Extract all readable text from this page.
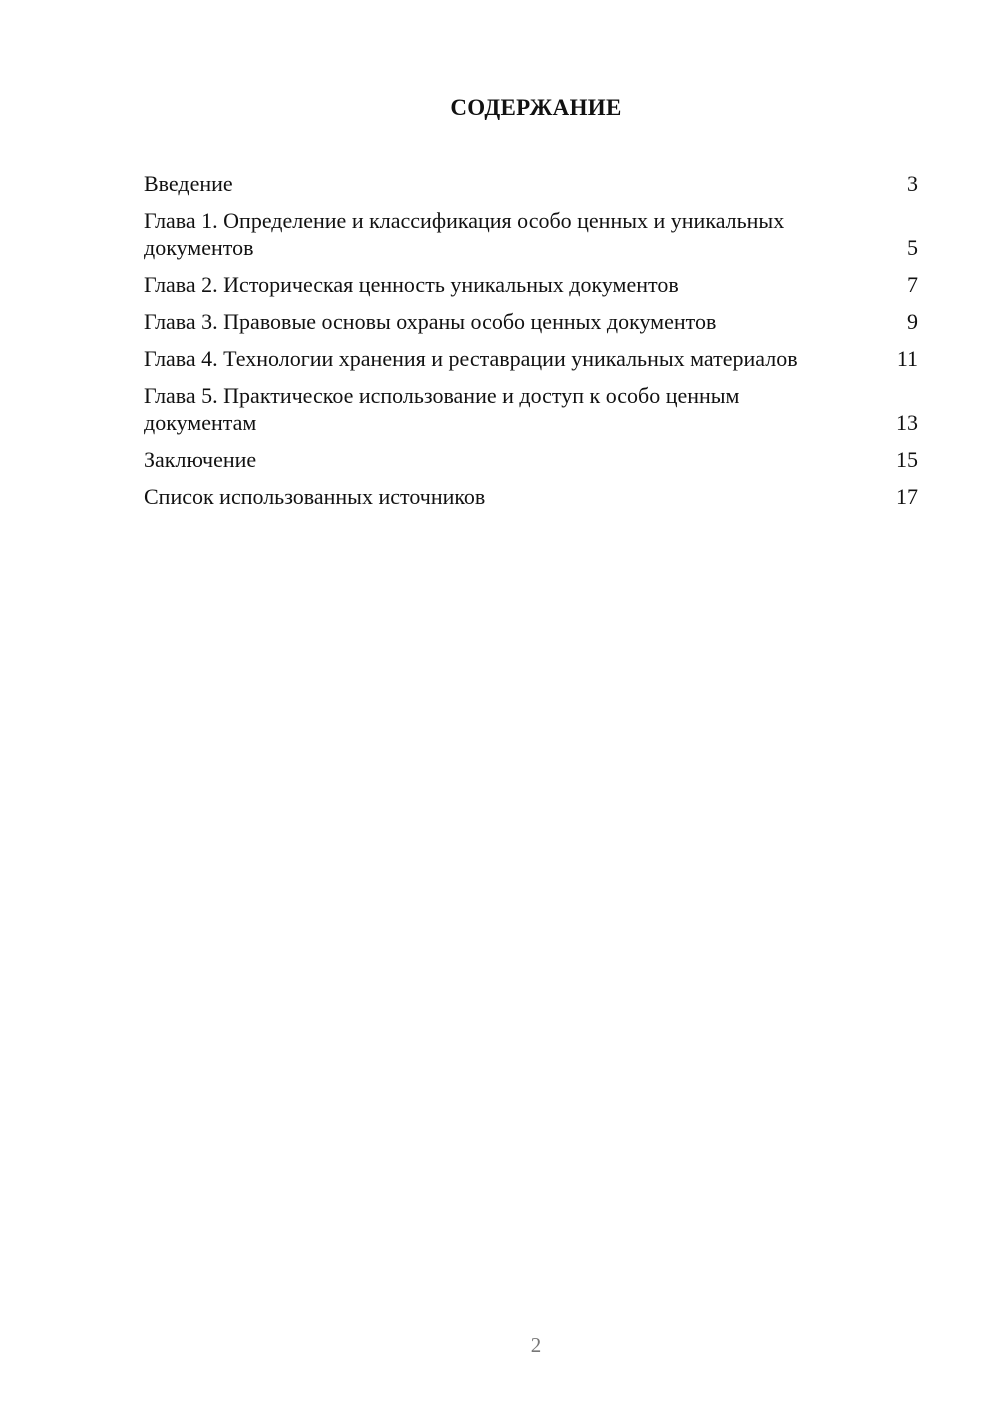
СОДЕРЖАНИЕ
Введение	3
Глава 1. Определение и классификация особо ценных и уникальных документов	5
Глава 2. Историческая ценность уникальных документов	7
Глава 3. Правовые основы охраны особо ценных документов	9
Глава 4. Технологии хранения и реставрации уникальных материалов	11
Глава 5. Практическое использование и доступ к особо ценным документам	13
Заключение	15
Список использованных источников	17
2
